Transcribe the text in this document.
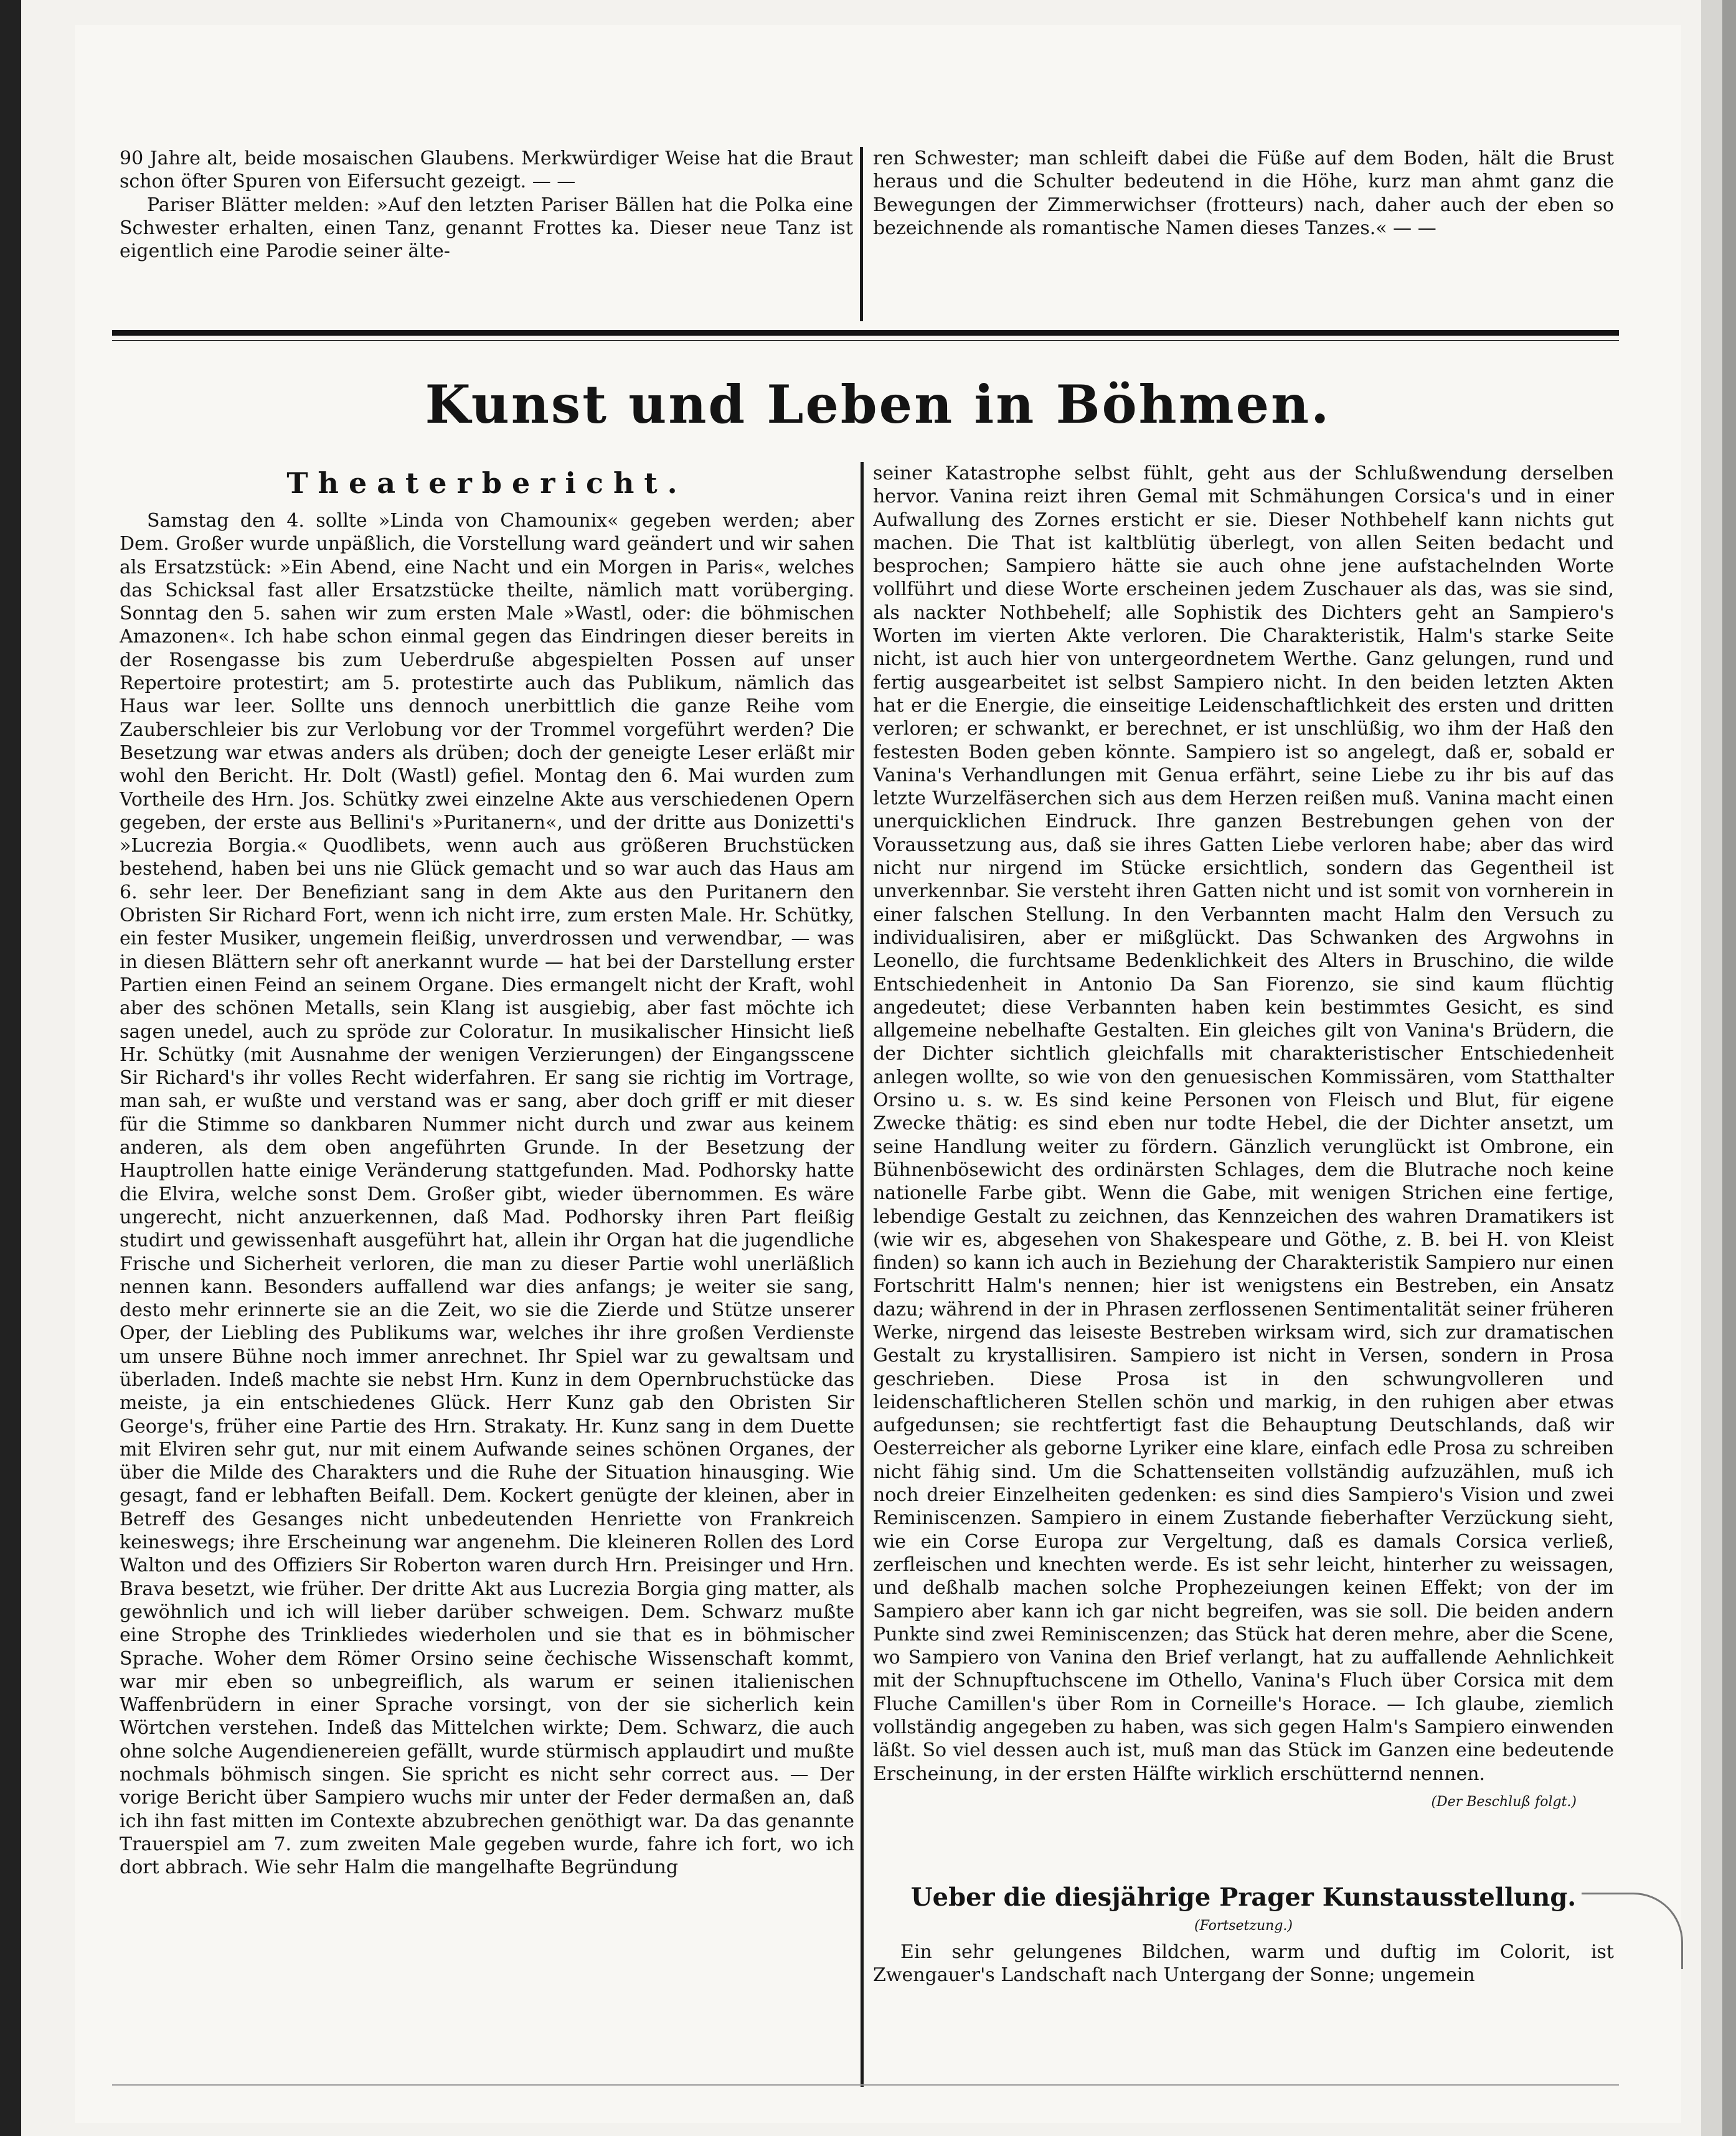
90 Jahre alt, beide mosaischen Glaubens. Merkwürdiger Weise hat die Braut schon öfter Spuren von Eifersucht gezeigt. — —

Pariser Blätter melden: »Auf den letzten Pariser Bällen hat die Polka eine Schwester erhalten, einen Tanz, genannt Frottes ka. Dieser neue Tanz ist eigentlich eine Parodie seiner älte-

ren Schwester; man schleift dabei die Füße auf dem Boden, hält die Brust heraus und die Schulter bedeutend in die Höhe, kurz man ahmt ganz die Bewegungen der Zimmerwichser (frotteurs) nach, daher auch der eben so bezeichnende als romantische Namen dieses Tanzes.« — —

Kunst und Leben in Böhmen.

Theaterbericht.

Samstag den 4. sollte »Linda von Chamounix« gegeben werden; aber Dem. Großer wurde unpäßlich, die Vorstellung ward geändert und wir sahen als Ersatzstück: »Ein Abend, eine Nacht und ein Morgen in Paris«, welches das Schicksal fast aller Ersatzstücke theilte, nämlich matt vorüberging. Sonntag den 5. sahen wir zum ersten Male »Wastl, oder: die böhmischen Amazonen«. Ich habe schon einmal gegen das Eindringen dieser bereits in der Rosengasse bis zum Ueberdruße abgespielten Possen auf unser Repertoire protestirt; am 5. protestirte auch das Publikum, nämlich das Haus war leer. Sollte uns dennoch unerbittlich die ganze Reihe vom Zauberschleier bis zur Verlobung vor der Trommel vorgeführt werden? Die Besetzung war etwas anders als drüben; doch der geneigte Leser erläßt mir wohl den Bericht. Hr. Dolt (Wastl) gefiel. Montag den 6. Mai wurden zum Vortheile des Hrn. Jos. Schütky zwei einzelne Akte aus verschiedenen Opern gegeben, der erste aus Bellini's »Puritanern«, und der dritte aus Donizetti's »Lucrezia Borgia.« Quodlibets, wenn auch aus größeren Bruchstücken bestehend, haben bei uns nie Glück gemacht und so war auch das Haus am 6. sehr leer. Der Benefiziant sang in dem Akte aus den Puritanern den Obristen Sir Richard Fort, wenn ich nicht irre, zum ersten Male. Hr. Schütky, ein fester Musiker, ungemein fleißig, unverdrossen und verwendbar, — was in diesen Blättern sehr oft anerkannt wurde — hat bei der Darstellung erster Partien einen Feind an seinem Organe. Dies ermangelt nicht der Kraft, wohl aber des schönen Metalls, sein Klang ist ausgiebig, aber fast möchte ich sagen unedel, auch zu spröde zur Coloratur. In musikalischer Hinsicht ließ Hr. Schütky (mit Ausnahme der wenigen Verzierungen) der Eingangsscene Sir Richard's ihr volles Recht widerfahren. Er sang sie richtig im Vortrage, man sah, er wußte und verstand was er sang, aber doch griff er mit dieser für die Stimme so dankbaren Nummer nicht durch und zwar aus keinem anderen, als dem oben angeführten Grunde. In der Besetzung der Hauptrollen hatte einige Veränderung stattgefunden. Mad. Podhorsky hatte die Elvira, welche sonst Dem. Großer gibt, wieder übernommen. Es wäre ungerecht, nicht anzuerkennen, daß Mad. Podhorsky ihren Part fleißig studirt und gewissenhaft ausgeführt hat, allein ihr Organ hat die jugendliche Frische und Sicherheit verloren, die man zu dieser Partie wohl unerläßlich nennen kann. Besonders auffallend war dies anfangs; je weiter sie sang, desto mehr erinnerte sie an die Zeit, wo sie die Zierde und Stütze unserer Oper, der Liebling des Publikums war, welches ihr ihre großen Verdienste um unsere Bühne noch immer anrechnet. Ihr Spiel war zu gewaltsam und überladen. Indeß machte sie nebst Hrn. Kunz in dem Opernbruchstücke das meiste, ja ein entschiedenes Glück. Herr Kunz gab den Obristen Sir George's, früher eine Partie des Hrn. Strakaty. Hr. Kunz sang in dem Duette mit Elviren sehr gut, nur mit einem Aufwande seines schönen Organes, der über die Milde des Charakters und die Ruhe der Situation hinausging. Wie gesagt, fand er lebhaften Beifall. Dem. Kockert genügte der kleinen, aber in Betreff des Gesanges nicht unbedeutenden Henriette von Frankreich keineswegs; ihre Erscheinung war angenehm. Die kleineren Rollen des Lord Walton und des Offiziers Sir Roberton waren durch Hrn. Preisinger und Hrn. Brava besetzt, wie früher. Der dritte Akt aus Lucrezia Borgia ging matter, als gewöhnlich und ich will lieber darüber schweigen. Dem. Schwarz mußte eine Strophe des Trinkliedes wiederholen und sie that es in böhmischer Sprache. Woher dem Römer Orsino seine čechische Wissenschaft kommt, war mir eben so unbegreiflich, als warum er seinen italienischen Waffenbrüdern in einer Sprache vorsingt, von der sie sicherlich kein Wörtchen verstehen. Indeß das Mittelchen wirkte; Dem. Schwarz, die auch ohne solche Augendienereien gefällt, wurde stürmisch applaudirt und mußte nochmals böhmisch singen. Sie spricht es nicht sehr correct aus. — Der vorige Bericht über Sampiero wuchs mir unter der Feder dermaßen an, daß ich ihn fast mitten im Contexte abzubrechen genöthigt war. Da das genannte Trauerspiel am 7. zum zweiten Male gegeben wurde, fahre ich fort, wo ich dort abbrach. Wie sehr Halm die mangelhafte Begründung

seiner Katastrophe selbst fühlt, geht aus der Schlußwendung derselben hervor. Vanina reizt ihren Gemal mit Schmähungen Corsica's und in einer Aufwallung des Zornes ersticht er sie. Dieser Nothbehelf kann nichts gut machen. Die That ist kaltblütig überlegt, von allen Seiten bedacht und besprochen; Sampiero hätte sie auch ohne jene aufstachelnden Worte vollführt und diese Worte erscheinen jedem Zuschauer als das, was sie sind, als nackter Nothbehelf; alle Sophistik des Dichters geht an Sampiero's Worten im vierten Akte verloren. Die Charakteristik, Halm's starke Seite nicht, ist auch hier von untergeordnetem Werthe. Ganz gelungen, rund und fertig ausgearbeitet ist selbst Sampiero nicht. In den beiden letzten Akten hat er die Energie, die einseitige Leidenschaftlichkeit des ersten und dritten verloren; er schwankt, er berechnet, er ist unschlüßig, wo ihm der Haß den festesten Boden geben könnte. Sampiero ist so angelegt, daß er, sobald er Vanina's Verhandlungen mit Genua erfährt, seine Liebe zu ihr bis auf das letzte Wurzelfäserchen sich aus dem Herzen reißen muß. Vanina macht einen unerquicklichen Eindruck. Ihre ganzen Bestrebungen gehen von der Voraussetzung aus, daß sie ihres Gatten Liebe verloren habe; aber das wird nicht nur nirgend im Stücke ersichtlich, sondern das Gegentheil ist unverkennbar. Sie versteht ihren Gatten nicht und ist somit von vornherein in einer falschen Stellung. In den Verbannten macht Halm den Versuch zu individualisiren, aber er mißglückt. Das Schwanken des Argwohns in Leonello, die furchtsame Bedenklichkeit des Alters in Bruschino, die wilde Entschiedenheit in Antonio Da San Fiorenzo, sie sind kaum flüchtig angedeutet; diese Verbannten haben kein bestimmtes Gesicht, es sind allgemeine nebelhafte Gestalten. Ein gleiches gilt von Vanina's Brüdern, die der Dichter sichtlich gleichfalls mit charakteristischer Entschiedenheit anlegen wollte, so wie von den genuesischen Kommissären, vom Statthalter Orsino u. s. w. Es sind keine Personen von Fleisch und Blut, für eigene Zwecke thätig: es sind eben nur todte Hebel, die der Dichter ansetzt, um seine Handlung weiter zu fördern. Gänzlich verunglückt ist Ombrone, ein Bühnenbösewicht des ordinärsten Schlages, dem die Blutrache noch keine nationelle Farbe gibt. Wenn die Gabe, mit wenigen Strichen eine fertige, lebendige Gestalt zu zeichnen, das Kennzeichen des wahren Dramatikers ist (wie wir es, abgesehen von Shakespeare und Göthe, z. B. bei H. von Kleist finden) so kann ich auch in Beziehung der Charakteristik Sampiero nur einen Fortschritt Halm's nennen; hier ist wenigstens ein Bestreben, ein Ansatz dazu; während in der in Phrasen zerflossenen Sentimentalität seiner früheren Werke, nirgend das leiseste Bestreben wirksam wird, sich zur dramatischen Gestalt zu krystallisiren. Sampiero ist nicht in Versen, sondern in Prosa geschrieben. Diese Prosa ist in den schwungvolleren und leidenschaftlicheren Stellen schön und markig, in den ruhigen aber etwas aufgedunsen; sie rechtfertigt fast die Behauptung Deutschlands, daß wir Oesterreicher als geborne Lyriker eine klare, einfach edle Prosa zu schreiben nicht fähig sind. Um die Schattenseiten vollständig aufzuzählen, muß ich noch dreier Einzelheiten gedenken: es sind dies Sampiero's Vision und zwei Reminiscenzen. Sampiero in einem Zustande fieberhafter Verzückung sieht, wie ein Corse Europa zur Vergeltung, daß es damals Corsica verließ, zerfleischen und knechten werde. Es ist sehr leicht, hinterher zu weissagen, und deßhalb machen solche Prophezeiungen keinen Effekt; von der im Sampiero aber kann ich gar nicht begreifen, was sie soll. Die beiden andern Punkte sind zwei Reminiscenzen; das Stück hat deren mehre, aber die Scene, wo Sampiero von Vanina den Brief verlangt, hat zu auffallende Aehnlichkeit mit der Schnupftuchscene im Othello, Vanina's Fluch über Corsica mit dem Fluche Camillen's über Rom in Corneille's Horace. — Ich glaube, ziemlich vollständig angegeben zu haben, was sich gegen Halm's Sampiero einwenden läßt. So viel dessen auch ist, muß man das Stück im Ganzen eine bedeutende Erscheinung, in der ersten Hälfte wirklich erschütternd nennen.

(Der Beschluß folgt.)

Ueber die diesjährige Prager Kunstausstellung.

(Fortsetzung.)

Ein sehr gelungenes Bildchen, warm und duftig im Colorit, ist Zwengauer's Landschaft nach Untergang der Sonne; ungemein
